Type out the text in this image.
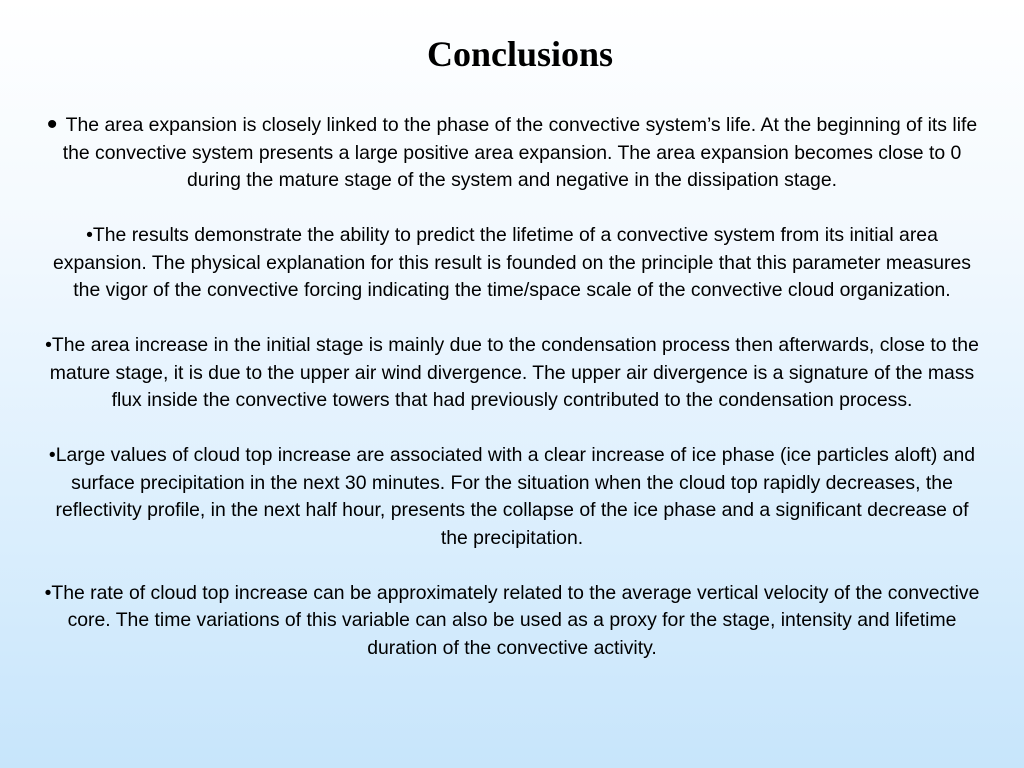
Conclusions

• The area expansion is closely linked to the phase of the convective system’s life. At the beginning of its life the convective system presents a large positive area expansion. The area expansion becomes close to 0 during the mature stage of the system and negative in the dissipation stage.

•The results demonstrate the ability to predict the lifetime of a convective system from its initial area expansion. The physical explanation for this result is founded on the principle that this parameter measures the vigor of the convective forcing indicating the time/space scale of the convective cloud organization.

•The area increase in the initial stage is mainly due to the condensation process then afterwards, close to the mature stage, it is due to the upper air wind divergence. The upper air divergence is a signature of the mass flux inside the convective towers that had previously contributed to the condensation process.

•Large values of cloud top increase are associated with a clear increase of ice phase (ice particles aloft) and surface precipitation in the next 30 minutes. For the situation when the cloud top rapidly decreases, the reflectivity profile, in the next half hour, presents the collapse of the ice phase and a significant decrease of the precipitation.

•The rate of cloud top increase can be approximately related to the average vertical velocity of the convective core. The time variations of this variable can also be used as a proxy for the stage, intensity and lifetime duration of the convective activity.
